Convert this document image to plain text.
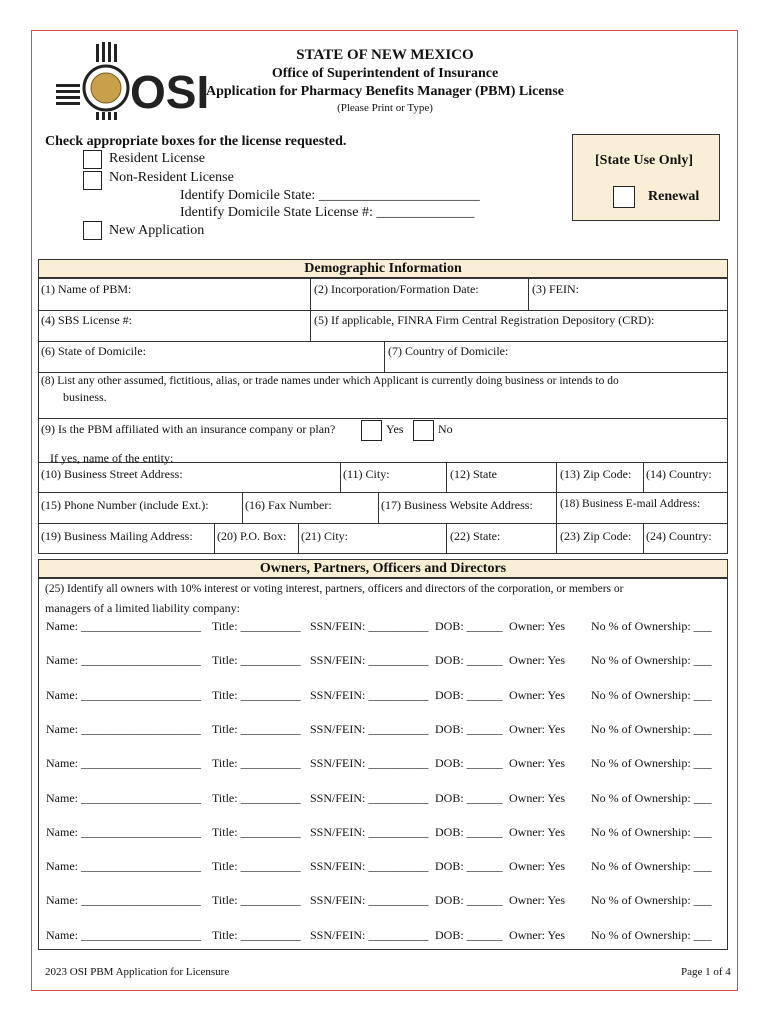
OSI
STATE OF NEW MEXICO
Office of Superintendent of Insurance
Application for Pharmacy Benefits Manager (PBM) License
(Please Print or Type)
Check appropriate boxes for the license requested.
Resident License
Non-Resident License
Identify Domicile State: _______________________
Identify Domicile State License #: ______________
New Application
[State Use Only]
Renewal
Demographic Information
(1) Name of PBM:	(2) Incorporation/Formation Date:	(3) FEIN:
(4) SBS License #:	(5) If applicable, FINRA Firm Central Registration Depository (CRD):
(6) State of Domicile:	(7) Country of Domicile:
(8) List any other assumed, fictitious, alias, or trade names under which Applicant is currently doing business or intends to do
business.
(9) Is the PBM affiliated with an insurance company or plan?	Yes	No
If yes, name of the entity:
(10) Business Street Address:	(11) City:	(12) State	(13) Zip Code: (14) Country:
(15) Phone Number (include Ext.):	(16) Fax Number:	(17) Business Website Address: (18) Business E-mail Address:
(19) Business Mailing Address: (20) P.O. Box: (21) City:	(22) State:	(23) Zip Code: (24) Country:
Owners, Partners, Officers and Directors
(25) Identify all owners with 10% interest or voting interest, partners, officers and directors of the corporation, or members or
managers of a limited liability company:
Name: ____________________ Title: __________ SSN/FEIN: __________ DOB: ______ Owner: Yes No % of Ownership: ___
Name: ____________________ Title: __________ SSN/FEIN: __________ DOB: ______ Owner: Yes No % of Ownership: ___
Name: ____________________ Title: __________ SSN/FEIN: __________ DOB: ______ Owner: Yes No % of Ownership: ___
Name: ____________________ Title: __________ SSN/FEIN: __________ DOB: ______ Owner: Yes No % of Ownership: ___
Name: ____________________ Title: __________ SSN/FEIN: __________ DOB: ______ Owner: Yes No % of Ownership: ___
Name: ____________________ Title: __________ SSN/FEIN: __________ DOB: ______ Owner: Yes No % of Ownership: ___
Name: ____________________ Title: __________ SSN/FEIN: __________ DOB: ______ Owner: Yes No % of Ownership: ___
Name: ____________________ Title: __________ SSN/FEIN: __________ DOB: ______ Owner: Yes No % of Ownership: ___
Name: ____________________ Title: __________ SSN/FEIN: __________ DOB: ______ Owner: Yes No % of Ownership: ___
Name: ____________________ Title: __________ SSN/FEIN: __________ DOB: ______ Owner: Yes No % of Ownership: ___
2023 OSI PBM Application for Licensure	Page 1 of 4
